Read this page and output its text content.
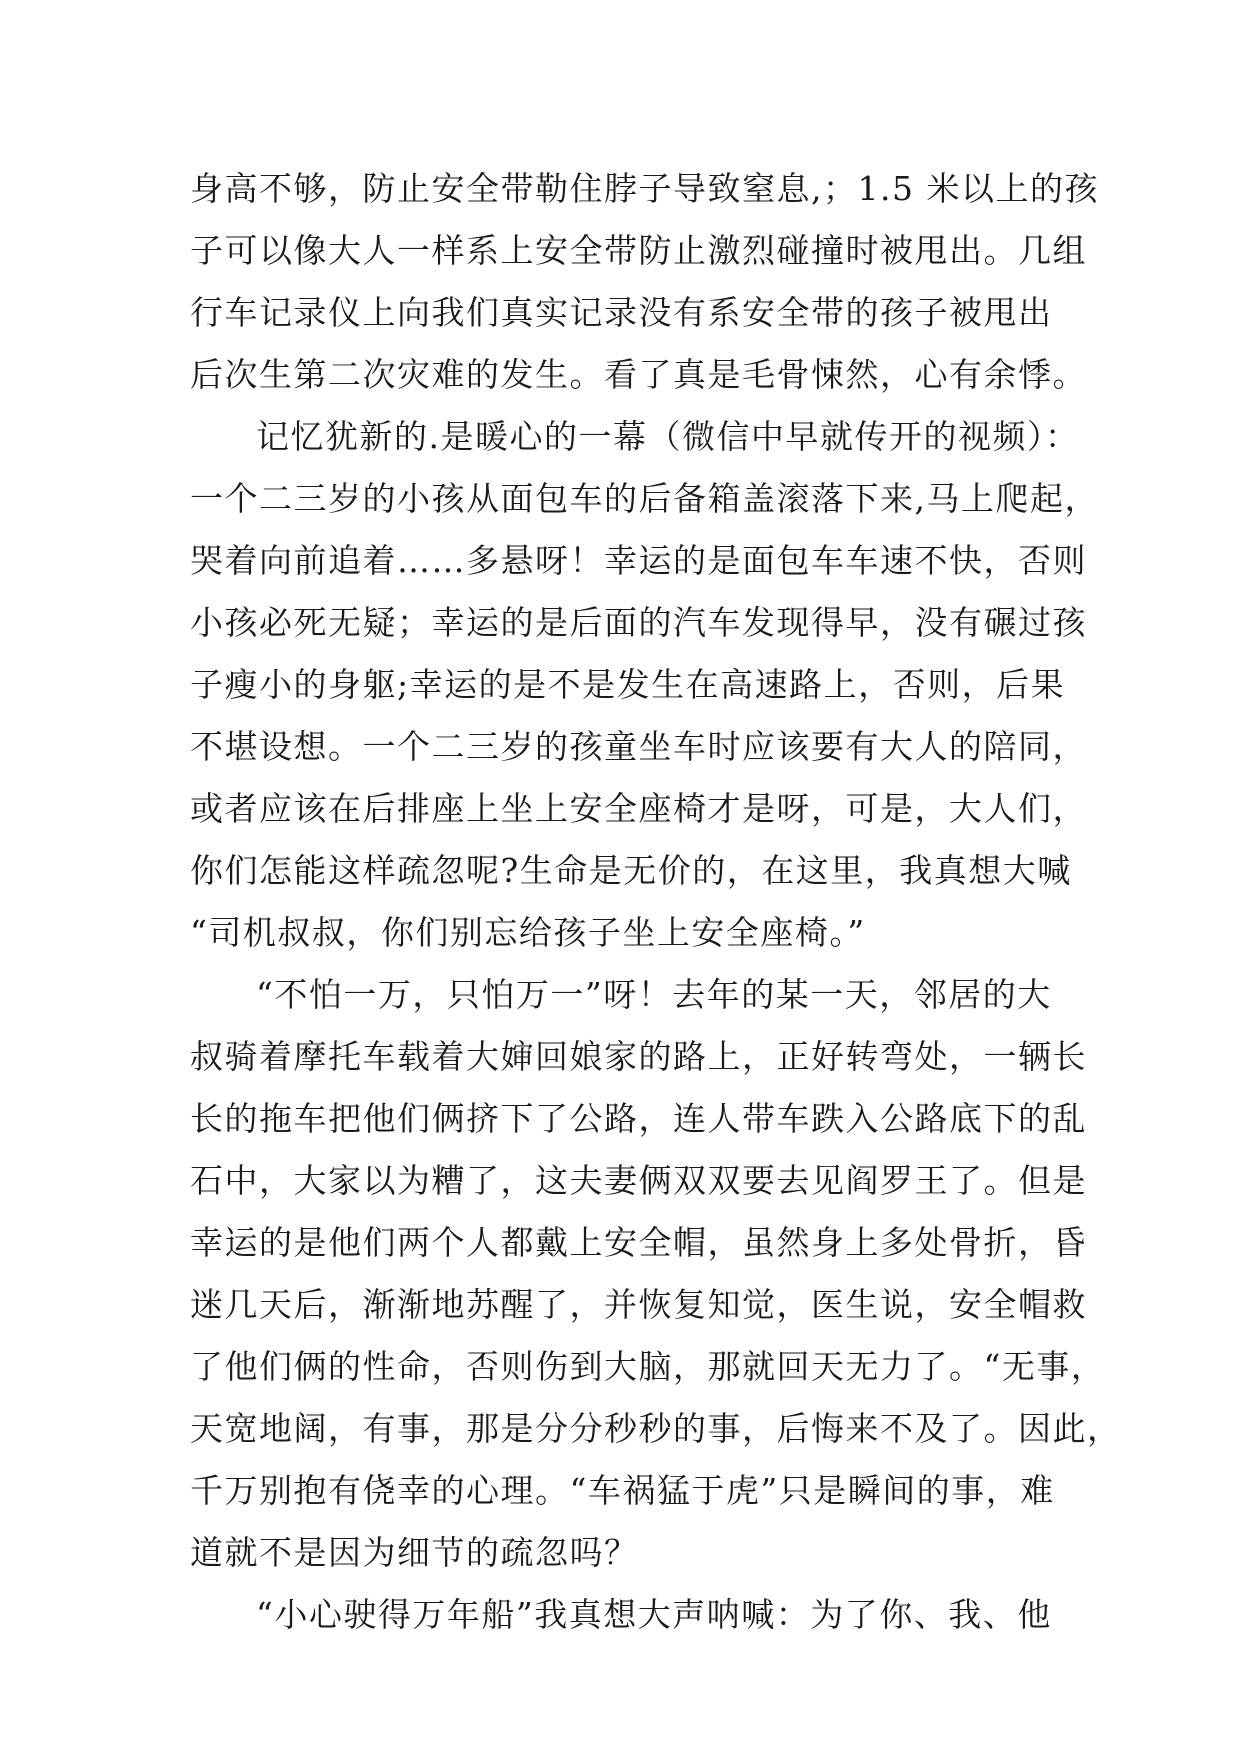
身高不够，防止安全带勒住脖子导致窒息,；1.5 米以上的孩
子可以像大人一样系上安全带防止激烈碰撞时被甩出。几组
行车记录仪上向我们真实记录没有系安全带的孩子被甩出
后次生第二次灾难的发生。看了真是毛骨悚然，心有余悸。
记忆犹新的.是暖心的一幕（微信中早就传开的视频）：
一个二三岁的小孩从面包车的后备箱盖滚落下来,马上爬起，
哭着向前追着……多悬呀！幸运的是面包车车速不快，否则
小孩必死无疑；幸运的是后面的汽车发现得早，没有碾过孩
子瘦小的身躯;幸运的是不是发生在高速路上，否则，后果
不堪设想。一个二三岁的孩童坐车时应该要有大人的陪同，
或者应该在后排座上坐上安全座椅才是呀，可是，大人们，
你们怎能这样疏忽呢?生命是无价的，在这里，我真想大喊
“司机叔叔，你们别忘给孩子坐上安全座椅。”
“不怕一万，只怕万一”呀！去年的某一天，邻居的大
叔骑着摩托车载着大婶回娘家的路上，正好转弯处，一辆长
长的拖车把他们俩挤下了公路，连人带车跌入公路底下的乱
石中，大家以为糟了，这夫妻俩双双要去见阎罗王了。但是
幸运的是他们两个人都戴上安全帽，虽然身上多处骨折，昏
迷几天后，渐渐地苏醒了，并恢复知觉，医生说，安全帽救
了他们俩的性命，否则伤到大脑，那就回天无力了。“无事，
天宽地阔，有事，那是分分秒秒的事，后悔来不及了。因此，
千万别抱有侥幸的心理。“车祸猛于虎”只是瞬间的事，难
道就不是因为细节的疏忽吗？
“小心驶得万年船”我真想大声呐喊：为了你、我、他
